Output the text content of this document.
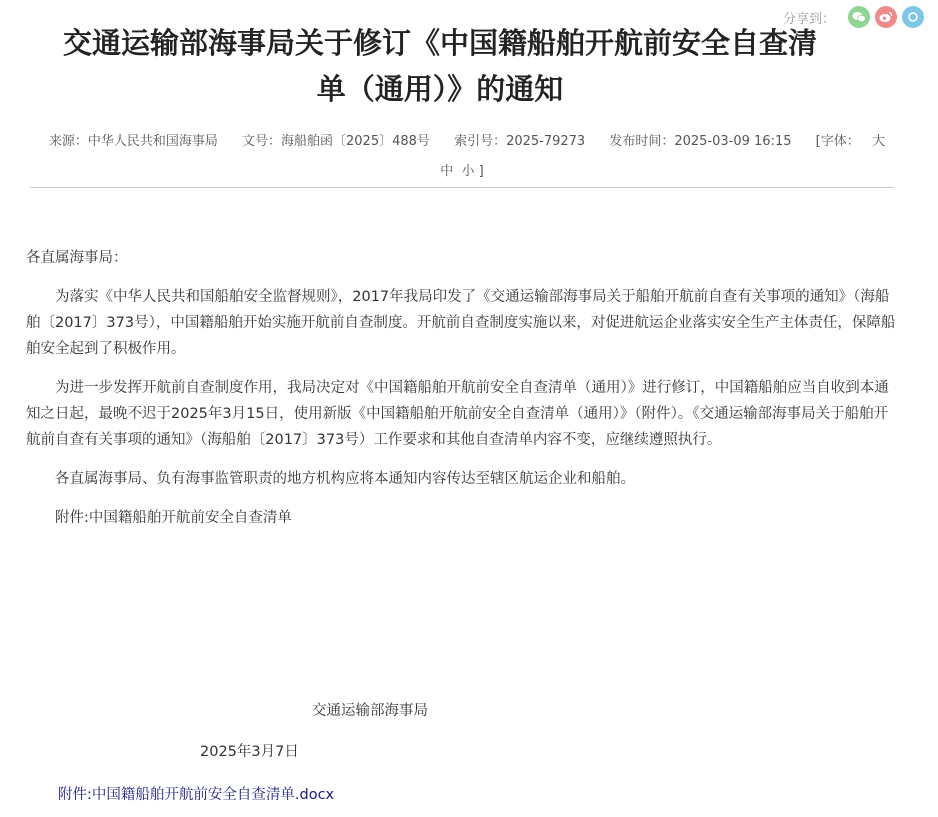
分享到：
交通运输部海事局关于修订《中国籍船舶开航前安全自查清单（通用）》的通知
来源：中华人民共和国海事局 文号：海船舶函〔2025〕488号 索引号：2025-79273 发布时间：2025-03-09 16:15 [字体： 大 中 小 ]

各直属海事局：

为落实《中华人民共和国船舶安全监督规则》，2017年我局印发了《交通运输部海事局关于船舶开航前自查有关事项的通知》（海船舶〔2017〕373号），中国籍船舶开始实施开航前自查制度。开航前自查制度实施以来，对促进航运企业落实安全生产主体责任，保障船舶安全起到了积极作用。

为进一步发挥开航前自查制度作用，我局决定对《中国籍船舶开航前安全自查清单（通用）》进行修订，中国籍船舶应当自收到本通知之日起，最晚不迟于2025年3月15日，使用新版《中国籍船舶开航前安全自查清单（通用）》（附件）。《交通运输部海事局关于船舶开航前自查有关事项的通知》（海船舶〔2017〕373号）工作要求和其他自查清单内容不变，应继续遵照执行。

各直属海事局、负有海事监管职责的地方机构应将本通知内容传达至辖区航运企业和船舶。

附件:中国籍船舶开航前安全自查清单

交通运输部海事局
2025年3月7日
附件:中国籍船舶开航前安全自查清单.docx
